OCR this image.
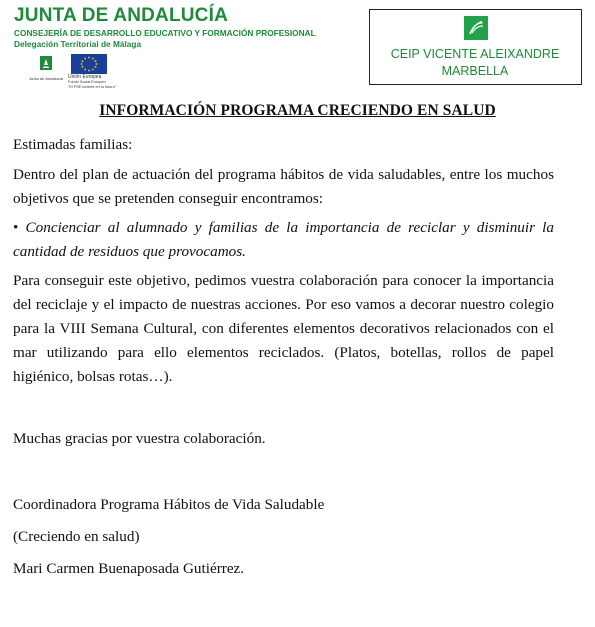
JUNTA DE ANDALUCÍA
CONSEJERÍA DE DESARROLLO EDUCATIVO Y FORMACIÓN PROFESIONAL
Delegación Territorial de Málaga
Junta de Andalucía Unión Europea
Fondo Social Europeo
"El FSE invierte en tu futuro"
CEIP VICENTE ALEIXANDRE
MARBELLA
INFORMACIÓN PROGRAMA CRECIENDO EN SALUD

Estimadas familias:

Dentro del plan de actuación del programa hábitos de vida saludables, entre los muchos objetivos que se pretenden conseguir encontramos:

• Concienciar al alumnado y familias de la importancia de reciclar y disminuir la cantidad de residuos que provocamos.

Para conseguir este objetivo, pedimos vuestra colaboración para conocer la importancia del reciclaje y el impacto de nuestras acciones. Por eso vamos a decorar nuestro colegio para la VIII Semana Cultural, con diferentes elementos decorativos relacionados con el mar utilizando para ello elementos reciclados. (Platos, botellas, rollos de papel higiénico, bolsas rotas…).

Muchas gracias por vuestra colaboración.

Coordinadora Programa Hábitos de Vida Saludable

(Creciendo en salud)

Mari Carmen Buenaposada Gutiérrez.
